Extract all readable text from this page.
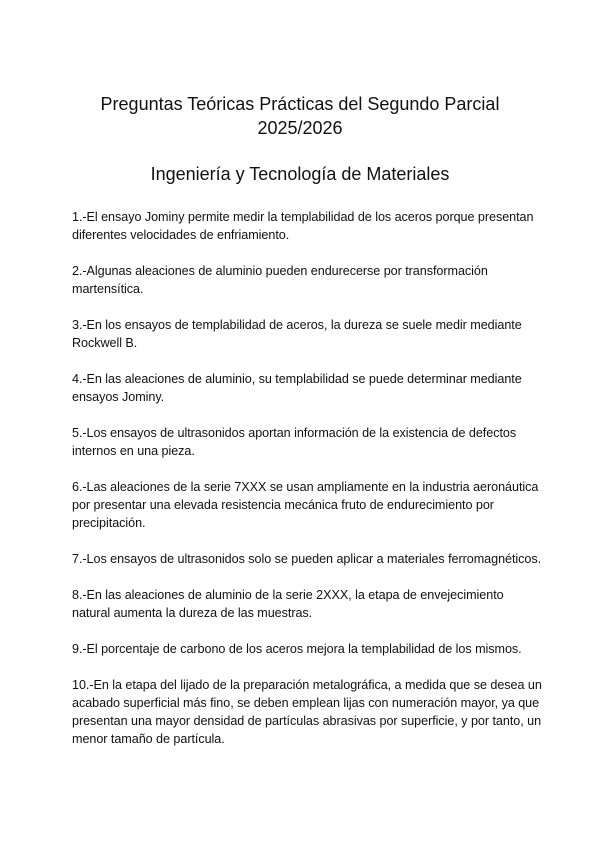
Preguntas Teóricas Prácticas del Segundo Parcial
2025/2026
Ingeniería y Tecnología de Materiales
1.-El ensayo Jominy permite medir la templabilidad de los aceros porque presentan diferentes velocidades de enfriamiento.
2.-Algunas aleaciones de aluminio pueden endurecerse por transformación martensítica.
3.-En los ensayos de templabilidad de aceros, la dureza se suele medir mediante Rockwell B.
4.-En las aleaciones de aluminio, su templabilidad se puede determinar mediante ensayos Jominy.
5.-Los ensayos de ultrasonidos aportan información de la existencia de defectos internos en una pieza.
6.-Las aleaciones de la serie 7XXX se usan ampliamente en la industria aeronáutica por presentar una elevada resistencia mecánica fruto de endurecimiento por precipitación.
7.-Los ensayos de ultrasonidos solo se pueden aplicar a materiales ferromagnéticos.
8.-En las aleaciones de aluminio de la serie 2XXX, la etapa de envejecimiento natural aumenta la dureza de las muestras.
9.-El porcentaje de carbono de los aceros mejora la templabilidad de los mismos.
10.-En la etapa del lijado de la preparación metalográfica, a medida que se desea un acabado superficial más fino, se deben emplean lijas con numeración mayor, ya que presentan una mayor densidad de partículas abrasivas por superficie, y por tanto, un menor tamaño de partícula.
